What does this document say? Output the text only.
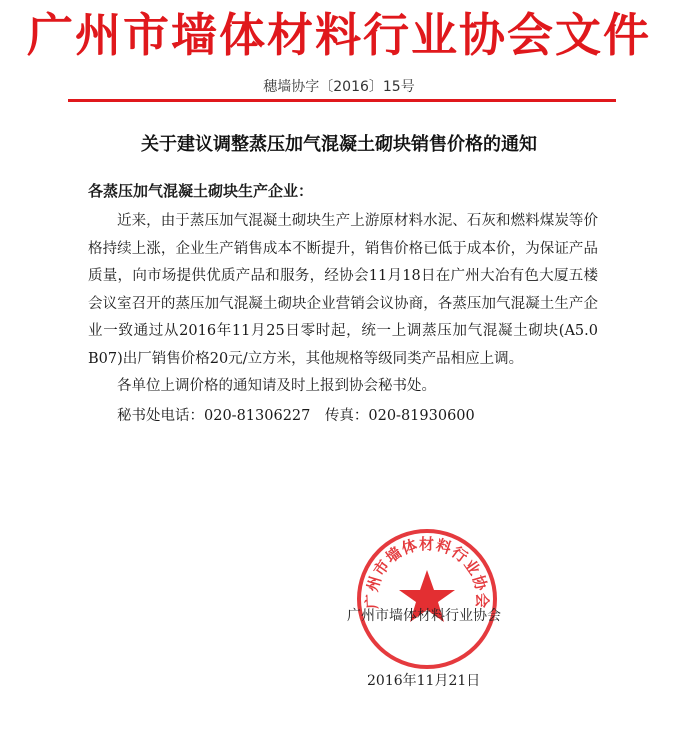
广州市墙体材料行业协会文件
穗墙协字〔2016〕15号
关于建议调整蒸压加气混凝土砌块销售价格的通知
各蒸压加气混凝土砌块生产企业：

近来，由于蒸压加气混凝土砌块生产上游原材料水泥、石灰和燃料煤炭等价格持续上涨，企业生产销售成本不断提升，销售价格已低于成本价，为保证产品质量，向市场提供优质产品和服务，经协会11月18日在广州大冶有色大厦五楼会议室召开的蒸压加气混凝土砌块企业营销会议协商，各蒸压加气混凝土生产企业一致通过从2016年11月25日零时起，统一上调蒸压加气混凝土砌块(A5.0 B07)出厂销售价格20元/立方米，其他规格等级同类产品相应上调。

各单位上调价格的通知请及时上报到协会秘书处。

秘书处电话：020-81306227　传真：020-81930600

广州市墙体材料行业协会
广州市墙体材料行业协会
2016年11月21日
